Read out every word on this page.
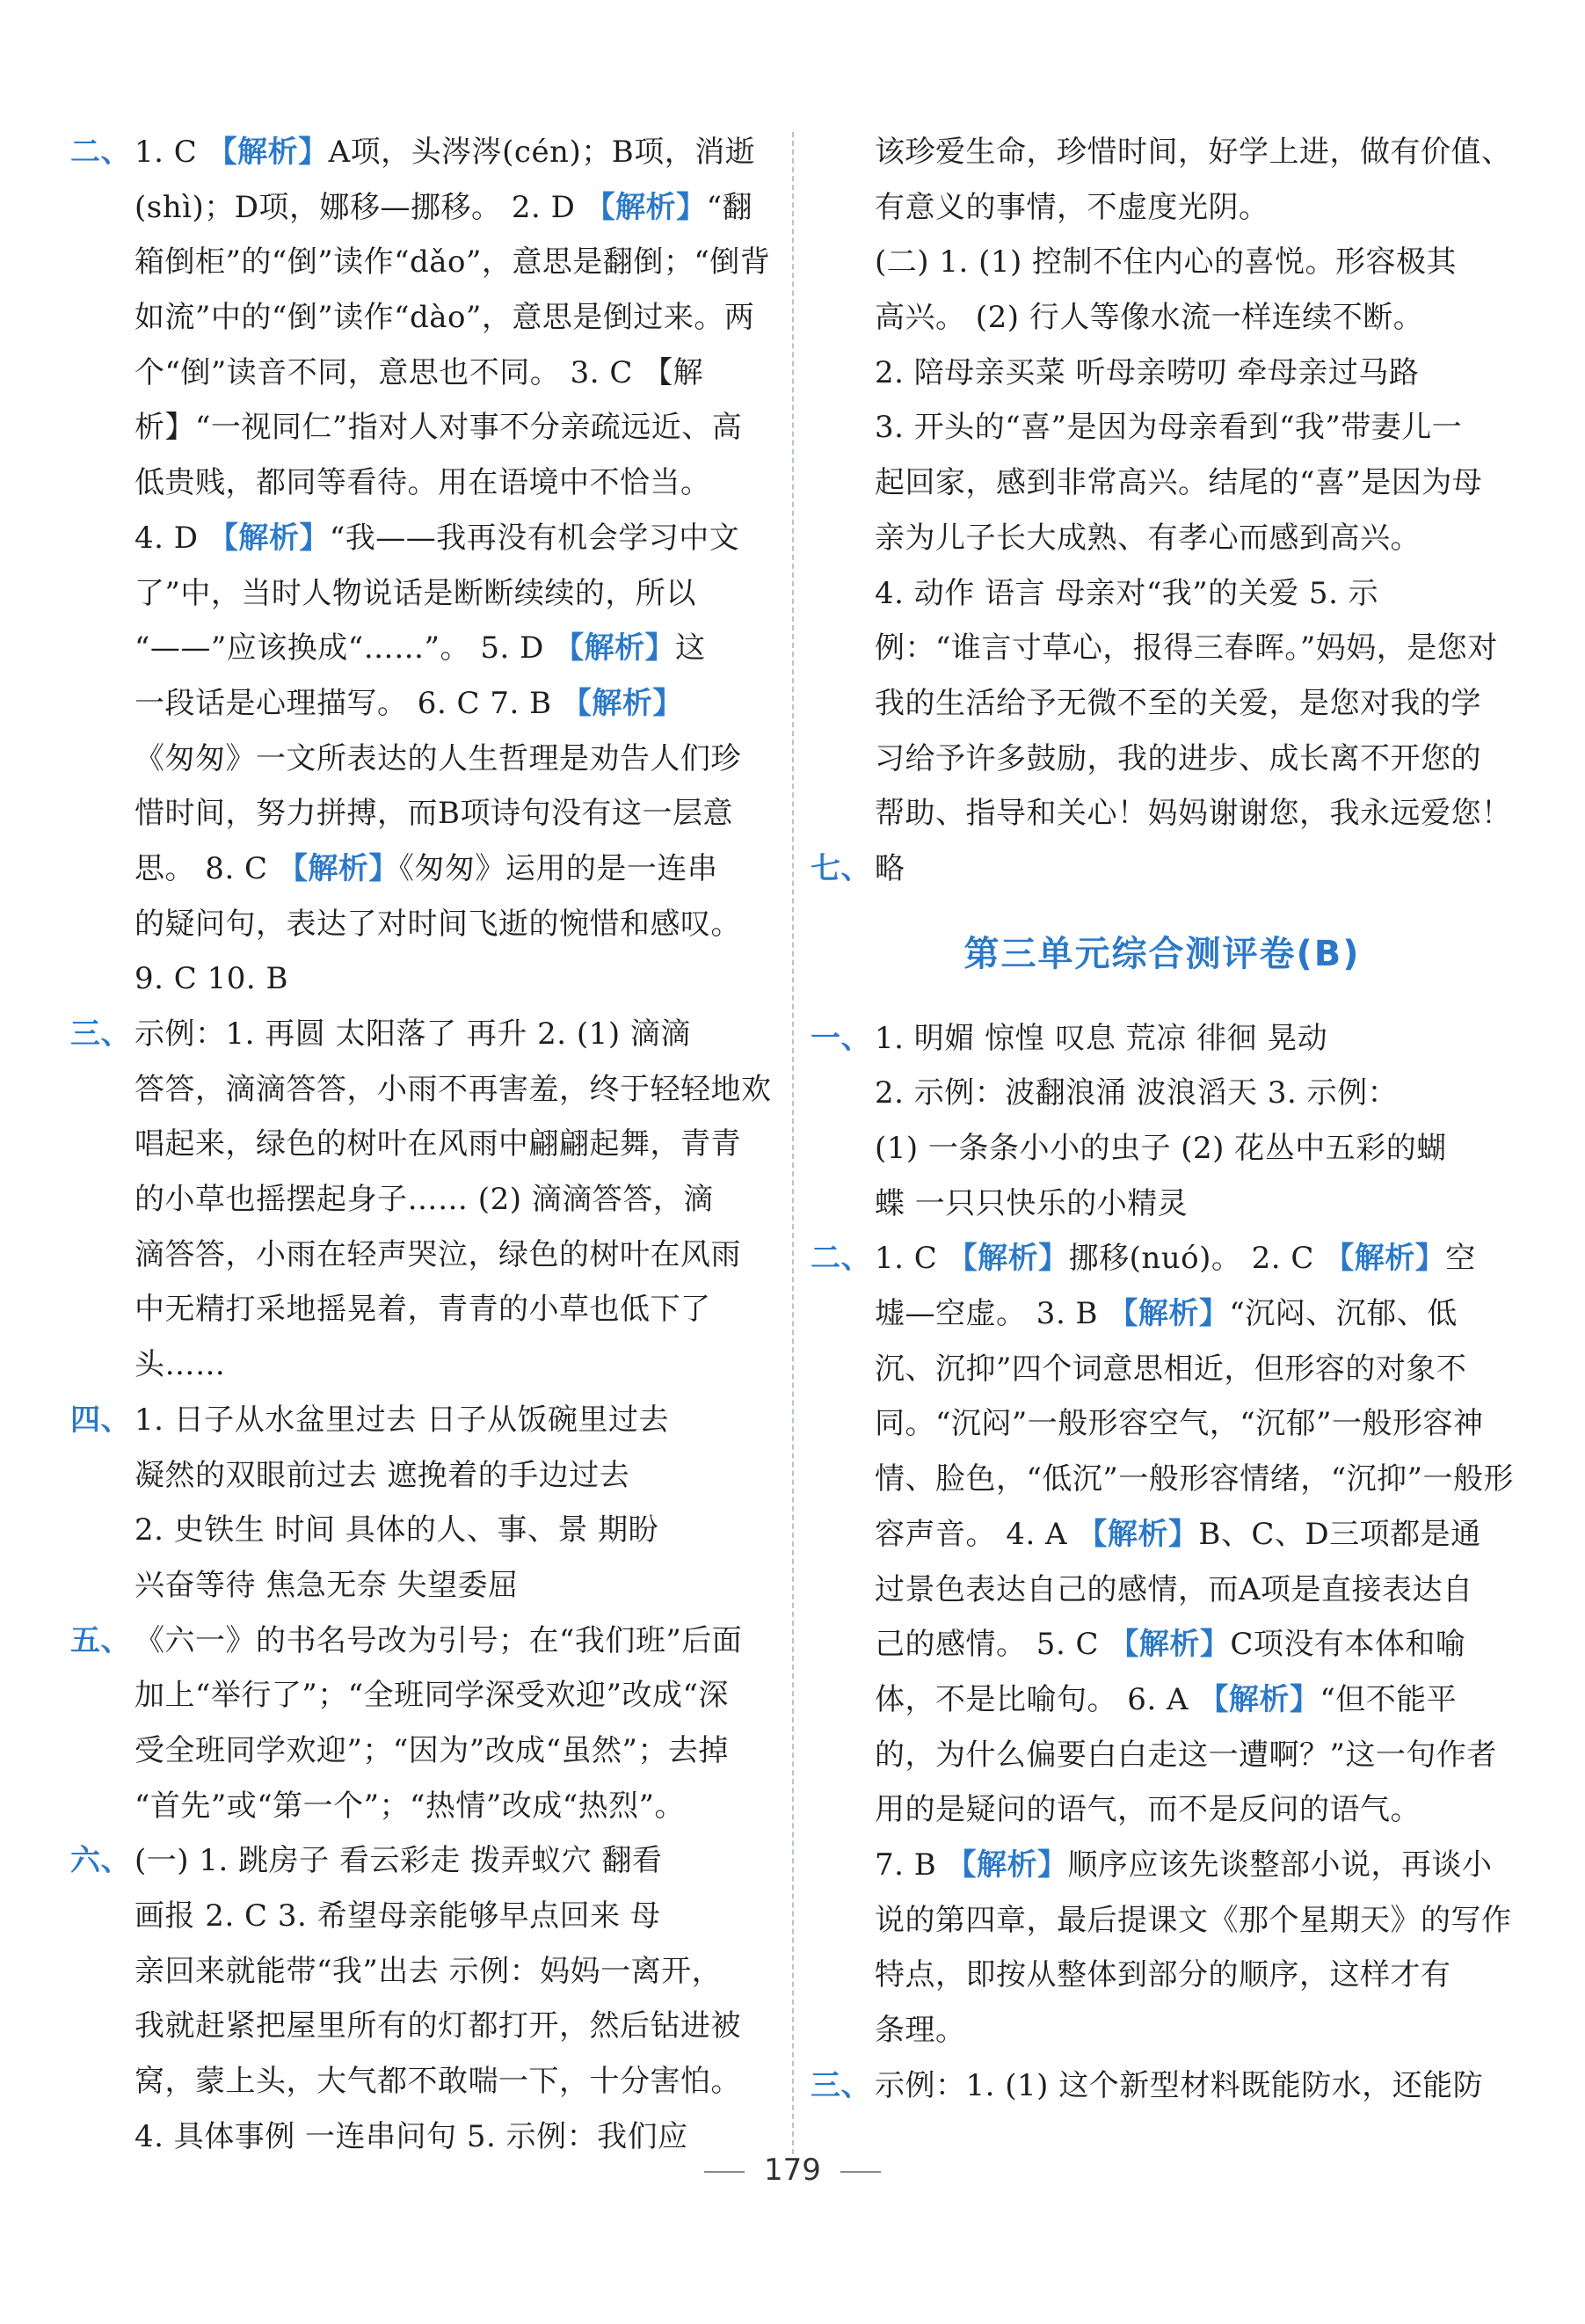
二、 1. C 【解析】A项，头涔涔(cén)；B项，消逝
(shì)；D项，娜移—挪移。 2. D 【解析】“翻
箱倒柜”的“倒”读作“dǎo”，意思是翻倒；“倒背
如流”中的“倒”读作“dào”，意思是倒过来。两
个“倒”读音不同，意思也不同。 3. C 【解
析】“一视同仁”指对人对事不分亲疏远近、高
低贵贱，都同等看待。用在语境中不恰当。
4. D 【解析】“我——我再没有机会学习中文
了”中，当时人物说话是断断续续的，所以
“——”应该换成“……”。 5. D 【解析】这
一段话是心理描写。 6. C 7. B 【解析】
《匆匆》一文所表达的人生哲理是劝告人们珍
惜时间，努力拼搏，而B项诗句没有这一层意
思。 8. C 【解析】《匆匆》运用的是一连串
的疑问句，表达了对时间飞逝的惋惜和感叹。
9. C 10. B
三、 示例：1. 再圆 太阳落了 再升 2. (1) 滴滴
答答，滴滴答答，小雨不再害羞，终于轻轻地欢
唱起来，绿色的树叶在风雨中翩翩起舞，青青
的小草也摇摆起身子…… (2) 滴滴答答，滴
滴答答，小雨在轻声哭泣，绿色的树叶在风雨
中无精打采地摇晃着，青青的小草也低下了
头……
四、 1. 日子从水盆里过去 日子从饭碗里过去
凝然的双眼前过去 遮挽着的手边过去
2. 史铁生 时间 具体的人、事、景 期盼
兴奋等待 焦急无奈 失望委屈
五、 《六一》的书名号改为引号；在“我们班”后面
加上“举行了”；“全班同学深受欢迎”改成“深
受全班同学欢迎”；“因为”改成“虽然”；去掉
“首先”或“第一个”；“热情”改成“热烈”。
六、 (一) 1. 跳房子 看云彩走 拨弄蚁穴 翻看
画报 2. C 3. 希望母亲能够早点回来 母
亲回来就能带“我”出去 示例：妈妈一离开，
我就赶紧把屋里所有的灯都打开，然后钻进被
窝，蒙上头，大气都不敢喘一下，十分害怕。
4. 具体事例 一连串问句 5. 示例：我们应
该珍爱生命，珍惜时间，好学上进，做有价值、
有意义的事情，不虚度光阴。
(二) 1. (1) 控制不住内心的喜悦。形容极其
高兴。 (2) 行人等像水流一样连续不断。
2. 陪母亲买菜 听母亲唠叨 牵母亲过马路
3. 开头的“喜”是因为母亲看到“我”带妻儿一
起回家，感到非常高兴。结尾的“喜”是因为母
亲为儿子长大成熟、有孝心而感到高兴。
4. 动作 语言 母亲对“我”的关爱 5. 示
例：“谁言寸草心，报得三春晖。”妈妈，是您对
我的生活给予无微不至的关爱，是您对我的学
习给予许多鼓励，我的进步、成长离不开您的
帮助、指导和关心！妈妈谢谢您，我永远爱您！
七、 略
第三单元综合测评卷(B)
一、 1. 明媚 惊惶 叹息 荒凉 徘徊 晃动
2. 示例：波翻浪涌 波浪滔天 3. 示例：
(1) 一条条小小的虫子 (2) 花丛中五彩的蝴
蝶 一只只快乐的小精灵
二、 1. C 【解析】挪移(nuó)。 2. C 【解析】空
墟—空虚。 3. B 【解析】“沉闷、沉郁、低
沉、沉抑”四个词意思相近，但形容的对象不
同。“沉闷”一般形容空气，“沉郁”一般形容神
情、脸色，“低沉”一般形容情绪，“沉抑”一般形
容声音。 4. A 【解析】B、C、D三项都是通
过景色表达自己的感情，而A项是直接表达自
己的感情。 5. C 【解析】C项没有本体和喻
体，不是比喻句。 6. A 【解析】“但不能平
的，为什么偏要白白走这一遭啊？”这一句作者
用的是疑问的语气，而不是反问的语气。
7. B 【解析】顺序应该先谈整部小说，再谈小
说的第四章，最后提课文《那个星期天》的写作
特点，即按从整体到部分的顺序，这样才有
条理。
三、 示例：1. (1) 这个新型材料既能防水，还能防
179
